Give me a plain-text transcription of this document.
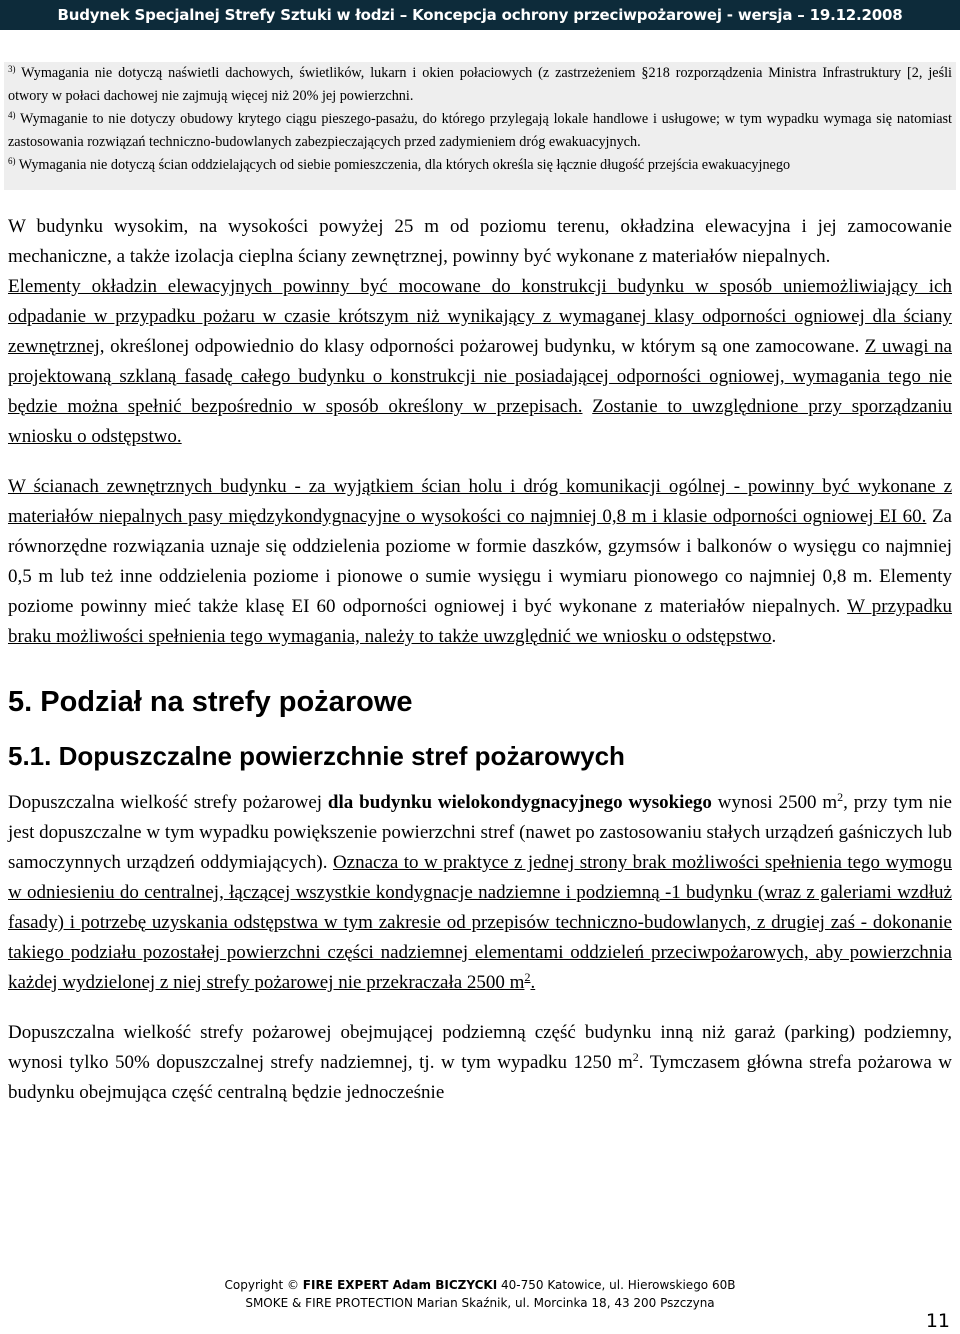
Budynek Specjalnej Strefy Sztuki w łodzi – Koncepcja ochrony przeciwpożarowej - wersja – 19.12.2008

$^{3)}$ Wymagania nie dotyczą naświetli dachowych, świetlików, lukarn i okien połaciowych (z zastrzeżeniem §218 rozporządzenia Ministra Infrastruktury [2, jeśli otwory w połaci dachowej nie zajmują więcej niż 20% jej powierzchni.

$^{4)}$ Wymaganie to nie dotyczy obudowy krytego ciągu pieszego-pasażu, do którego przylegają lokale handlowe i usługowe; w tym wypadku wymaga się natomiast zastosowania rozwiązań techniczno-budowlanych zabezpieczających przed zadymieniem dróg ewakuacyjnych.

$^{6)}$ Wymagania nie dotyczą ścian oddzielających od siebie pomieszczenia, dla których określa się łącznie długość przejścia ewakuacyjnego

W budynku wysokim, na wysokości powyżej 25 m od poziomu terenu, okładzina elewacyjna i jej zamocowanie mechaniczne, a także izolacja cieplna ściany zewnętrznej, powinny być wykonane z materiałów niepalnych.

Elementy okładzin elewacyjnych powinny być mocowane do konstrukcji budynku w sposób uniemożliwiający ich odpadanie w przypadku pożaru w czasie krótszym niż wynikający z wymaganej klasy odporności ogniowej dla ściany zewnętrznej, określonej odpowiednio do klasy odporności pożarowej budynku, w którym są one zamocowane. Z uwagi na projektowaną szklaną fasadę całego budynku o konstrukcji nie posiadającej odporności ogniowej, wymagania tego nie będzie można spełnić bezpośrednio w sposób określony w przepisach. Zostanie to uwzględnione przy sporządzaniu wniosku o odstępstwo.

W ścianach zewnętrznych budynku - za wyjątkiem ścian holu i dróg komunikacji ogólnej - powinny być wykonane z materiałów niepalnych pasy międzykondygnacyjne o wysokości co najmniej 0,8 m i klasie odporności ogniowej EI 60. Za równorzędne rozwiązania uznaje się oddzielenia poziome w formie daszków, gzymsów i balkonów o wysięgu co najmniej 0,5 m lub też inne oddzielenia poziome i pionowe o sumie wysięgu i wymiaru pionowego co najmniej 0,8 m. Elementy poziome powinny mieć także klasę EI 60 odporności ogniowej i być wykonane z materiałów niepalnych. W przypadku braku możliwości spełnienia tego wymagania, należy to także uwzględnić we wniosku o odstępstwo.

5. Podział na strefy pożarowe
5.1. Dopuszczalne powierzchnie stref pożarowych

Dopuszczalna wielkość strefy pożarowej dla budynku wielokondygnacyjnego wysokiego wynosi 2500 $m^2$, przy tym nie jest dopuszczalne w tym wypadku powiększenie powierzchni stref (nawet po zastosowaniu stałych urządzeń gaśniczych lub samoczynnych urządzeń oddymiających). Oznacza to w praktyce z jednej strony brak możliwości spełnienia tego wymogu w odniesieniu do centralnej, łączącej wszystkie kondygnacje nadziemne i podziemną -1 budynku (wraz z galeriami wzdłuż fasady) i potrzebę uzyskania odstępstwa w tym zakresie od przepisów techniczno-budowlanych, z drugiej zaś - dokonanie takiego podziału pozostałej powierzchni części nadziemnej elementami oddzieleń przeciwpożarowych, aby powierzchnia każdej wydzielonej z niej strefy pożarowej nie przekraczała 2500 $m^2$.

Dopuszczalna wielkość strefy pożarowej obejmującej podziemną część budynku inną niż garaż (parking) podziemny, wynosi tylko 50% dopuszczalnej strefy nadziemnej, tj. w tym wypadku 1250 $m^2$. Tymczasem główna strefa pożarowa w budynku obejmująca część centralną będzie jednocześnie

Copyright © FIRE EXPERT Adam BICZYCKI 40-750 Katowice, ul. Hierowskiego 60B
SMOKE & FIRE PROTECTION Marian Skaźnik, ul. Morcinka 18, 43 200 Pszczyna
11
